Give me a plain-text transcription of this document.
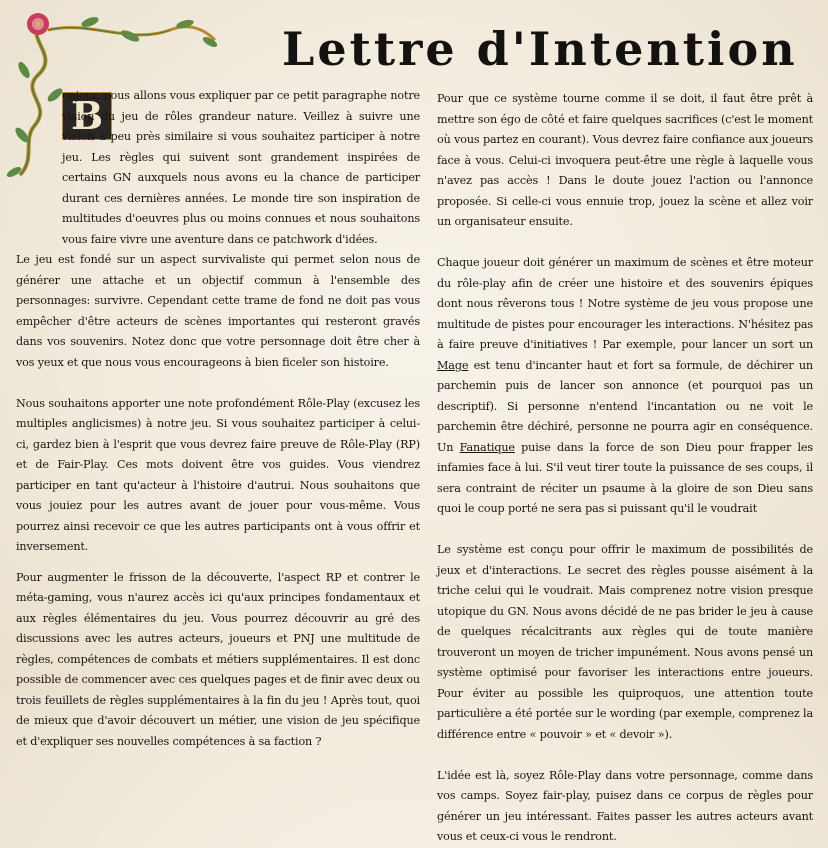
Lettre d'Intention
B

onjour, nous allons vous expliquer par ce petit paragraphe notre vision du jeu de rôles grandeur nature. Veillez à suivre une vision à peu près similaire si vous souhaitez participer à notre jeu. Les règles qui suivent sont grandement inspirées de certains GN auxquels nous avons eu la chance de participer durant ces dernières années. Le monde tire son inspiration de multitudes d'oeuvres plus ou moins connues et nous souhaitons vous faire vivre une aventure dans ce patchwork d'idées.

Le jeu est fondé sur un aspect survivaliste qui permet selon nous de générer une attache et un objectif commun à l'ensemble des personnages: survivre. Cependant cette trame de fond ne doit pas vous empêcher d'être acteurs de scènes importantes qui resteront gravés dans vos souvenirs. Notez donc que votre personnage doit être cher à vos yeux et que nous vous encourageons à bien ficeler son histoire.

Nous souhaitons apporter une note profondément Rôle-Play (excusez les multiples anglicismes) à notre jeu. Si vous souhaitez participer à celui-ci, gardez bien à l'esprit que vous devrez faire preuve de Rôle-Play (RP) et de Fair-Play. Ces mots doivent être vos guides. Vous viendrez participer en tant qu'acteur à l'histoire d'autrui. Nous souhaitons que vous jouiez pour les autres avant de jouer pour vous-même. Vous pourrez ainsi recevoir ce que les autres participants ont à vous offrir et inversement.

Pour augmenter le frisson de la découverte, l'aspect RP et contrer le méta-gaming, vous n'aurez accès ici qu'aux principes fondamentaux et aux règles élémentaires du jeu. Vous pourrez découvrir au gré des discussions avec les autres acteurs, joueurs et PNJ une multitude de règles, compétences de combats et métiers supplémentaires. Il est donc possible de commencer avec ces quelques pages et de finir avec deux ou trois feuillets de règles supplémentaires à la fin du jeu ! Après tout, quoi de mieux que d'avoir découvert un métier, une vision de jeu spécifique et d'expliquer ses nouvelles compétences à sa faction ?

Pour que ce système tourne comme il se doit, il faut être prêt à mettre son égo de côté et faire quelques sacrifices (c'est le moment où vous partez en courant). Vous devrez faire confiance aux joueurs face à vous. Celui-ci invoquera peut-être une règle à laquelle vous n'avez pas accès ! Dans le doute jouez l'action ou l'annonce proposée. Si celle-ci vous ennuie trop, jouez la scène et allez voir un organisateur ensuite.

Chaque joueur doit générer un maximum de scènes et être moteur du rôle-play afin de créer une histoire et des souvenirs épiques dont nous rêverons tous ! Notre système de jeu vous propose une multitude de pistes pour encourager les interactions. N'hésitez pas à faire preuve d'initiatives ! Par exemple, pour lancer un sort un Mage est tenu d'incanter haut et fort sa formule, de déchirer un parchemin puis de lancer son annonce (et pourquoi pas un descriptif). Si personne n'entend l'incantation ou ne voit le parchemin être déchiré, personne ne pourra agir en conséquence. Un Fanatique puise dans la force de son Dieu pour frapper les infamies face à lui. S'il veut tirer toute la puissance de ses coups, il sera contraint de réciter un psaume à la gloire de son Dieu sans quoi le coup porté ne sera pas si puissant qu'il le voudrait

Le système est conçu pour offrir le maximum de possibilités de jeux et d'interactions. Le secret des règles pousse aisément à la triche celui qui le voudrait. Mais comprenez notre vision presque utopique du GN. Nous avons décidé de ne pas brider le jeu à cause de quelques récalcitrants aux règles qui de toute manière trouveront un moyen de tricher impunément. Nous avons pensé un système optimisé pour favoriser les interactions entre joueurs. Pour éviter au possible les quiproquos, une attention toute particulière a été portée sur le wording (par exemple, comprenez la différence entre « pouvoir » et « devoir »).

L'idée est là, soyez Rôle-Play dans votre personnage, comme dans vos camps. Soyez fair-play, puisez dans ce corpus de règles pour générer un jeu intéressant. Faites passer les autres acteurs avant vous et ceux-ci vous le rendront.
